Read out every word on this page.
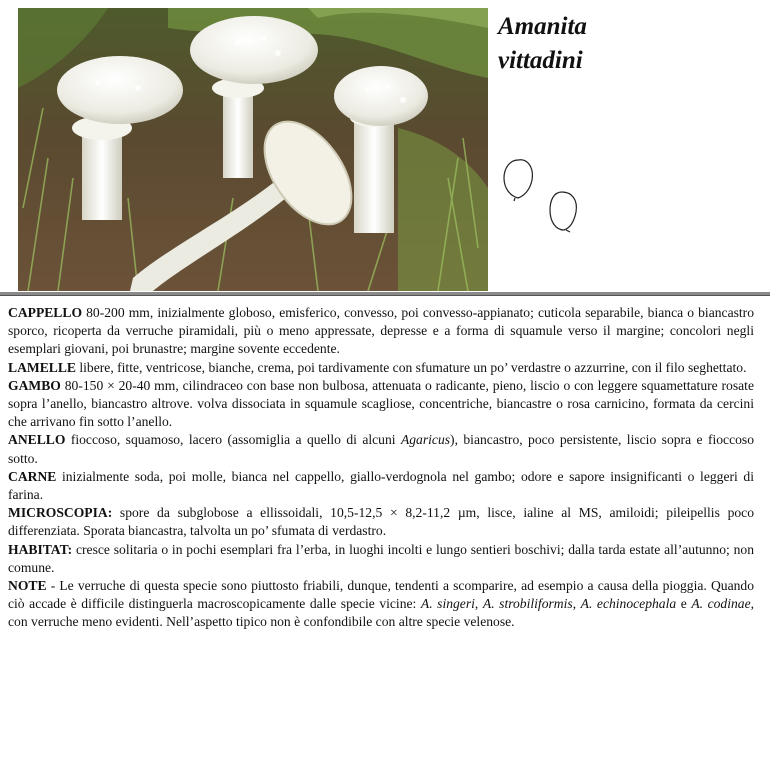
Amanita
vittadini

CAPPELLO 80-200 mm, inizialmente globoso, emisferico, convesso, poi convesso-appianato; cuticola separabile, bianca o biancastro sporco, ricoperta da verruche piramidali, più o meno appressate, depresse e a forma di squamule verso il margine; concolori negli esemplari giovani, poi brunastre; margine sovente eccedente.

LAMELLE libere, fitte, ventricose, bianche, crema, poi tardivamente con sfumature un po’ verdastre o azzurrine, con il filo seghettato.

GAMBO 80-150 × 20-40 mm, cilindraceo con base non bulbosa, attenuata o radicante, pieno, liscio o con leggere squamettature rosate sopra l’anello, biancastro altrove. volva dissociata in squamule scagliose, concentriche, biancastre o rosa carnicino, formata da cercini che arrivano fin sotto l’anello.

ANELLO fioccoso, squamoso, lacero (assomiglia a quello di alcuni Agaricus), biancastro, poco persistente, liscio sopra e fioccoso sotto.

CARNE inizialmente soda, poi molle, bianca nel cappello, giallo-verdognola nel gambo; odore e sapore insignificanti o leggeri di farina.

MICROSCOPIA: spore da subglobose a ellissoidali, 10,5-12,5 × 8,2-11,2 µm, lisce, ialine al MS, amiloidi; pileipellis poco differenziata. Sporata biancastra, talvolta un po’ sfumata di verdastro.

HABITAT: cresce solitaria o in pochi esemplari fra l’erba, in luoghi incolti e lungo sentieri boschivi; dalla tarda estate all’autunno; non comune.

NOTE - Le verruche di questa specie sono piuttosto friabili, dunque, tendenti a scomparire, ad esempio a causa della pioggia. Quando ciò accade è difficile distinguerla macroscopicamente dalle specie vicine: A. singeri, A. strobiliformis, A. echinocephala e A. codinae, con verruche meno evidenti. Nell’aspetto tipico non è confondibile con altre specie velenose.
